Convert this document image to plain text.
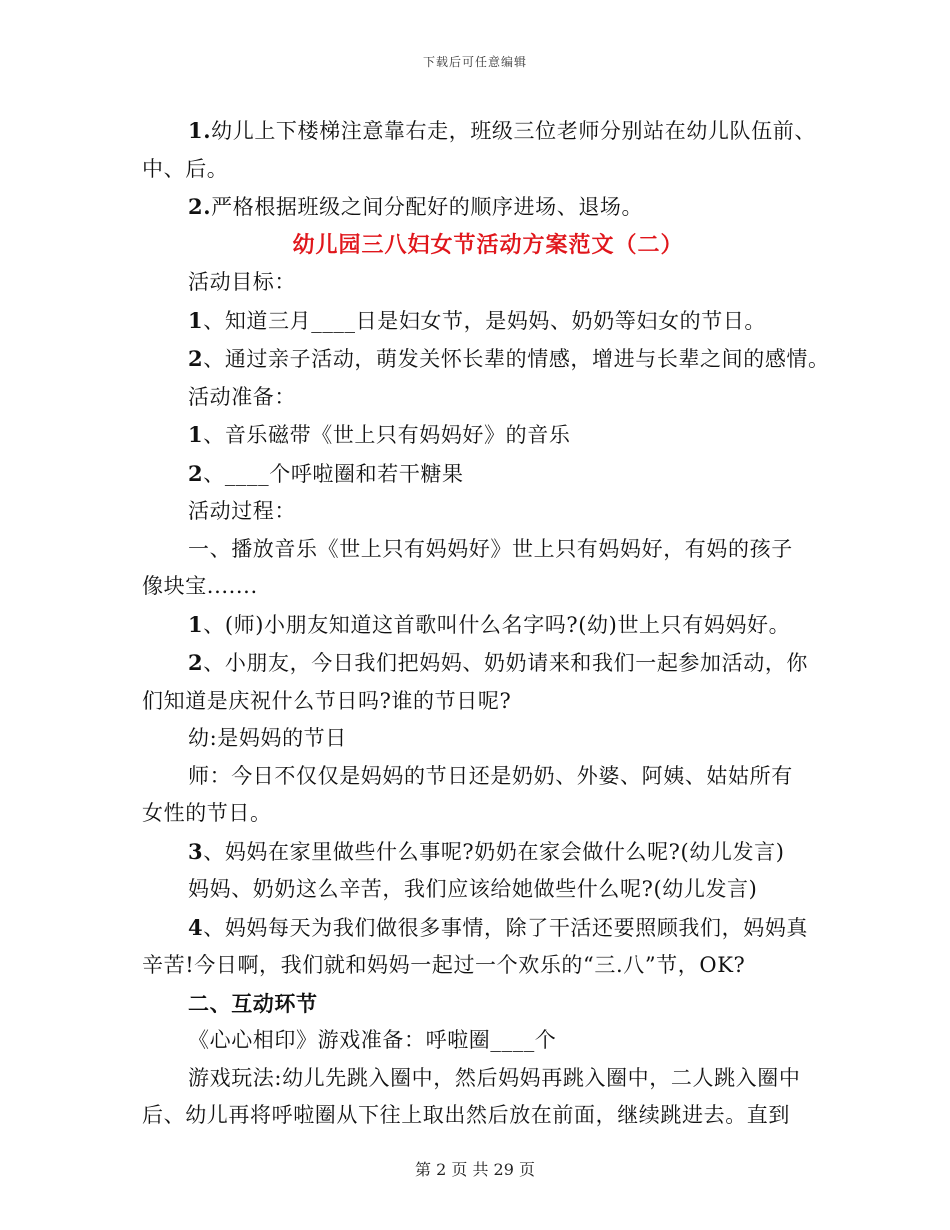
下载后可任意编辑
1.幼儿上下楼梯注意靠右走，班级三位老师分别站在幼儿队伍前、
中、后。
2.严格根据班级之间分配好的顺序进场、退场。
幼儿园三八妇女节活动方案范文（二）
活动目标：
1、知道三月____日是妇女节，是妈妈、奶奶等妇女的节日。
2、通过亲子活动，萌发关怀长辈的情感，增进与长辈之间的感情。
活动准备：
1、音乐磁带《世上只有妈妈好》的音乐
2、____个呼啦圈和若干糖果
活动过程：
一、播放音乐《世上只有妈妈好》世上只有妈妈好，有妈的孩子
像块宝.......
1、(师)小朋友知道这首歌叫什么名字吗?(幼)世上只有妈妈好。
2、小朋友，今日我们把妈妈、奶奶请来和我们一起参加活动，你
们知道是庆祝什么节日吗?谁的节日呢?
幼:是妈妈的节日
师：今日不仅仅是妈妈的节日还是奶奶、外婆、阿姨、姑姑所有
女性的节日。
3、妈妈在家里做些什么事呢?奶奶在家会做什么呢?(幼儿发言)
妈妈、奶奶这么辛苦，我们应该给她做些什么呢?(幼儿发言)
4、妈妈每天为我们做很多事情，除了干活还要照顾我们，妈妈真
辛苦!今日啊，我们就和妈妈一起过一个欢乐的“三.八”节，OK?
二、互动环节
《心心相印》游戏准备：呼啦圈____个
游戏玩法:幼儿先跳入圈中，然后妈妈再跳入圈中，二人跳入圈中
后、幼儿再将呼啦圈从下往上取出然后放在前面，继续跳进去。直到
第 2 页 共 29 页
